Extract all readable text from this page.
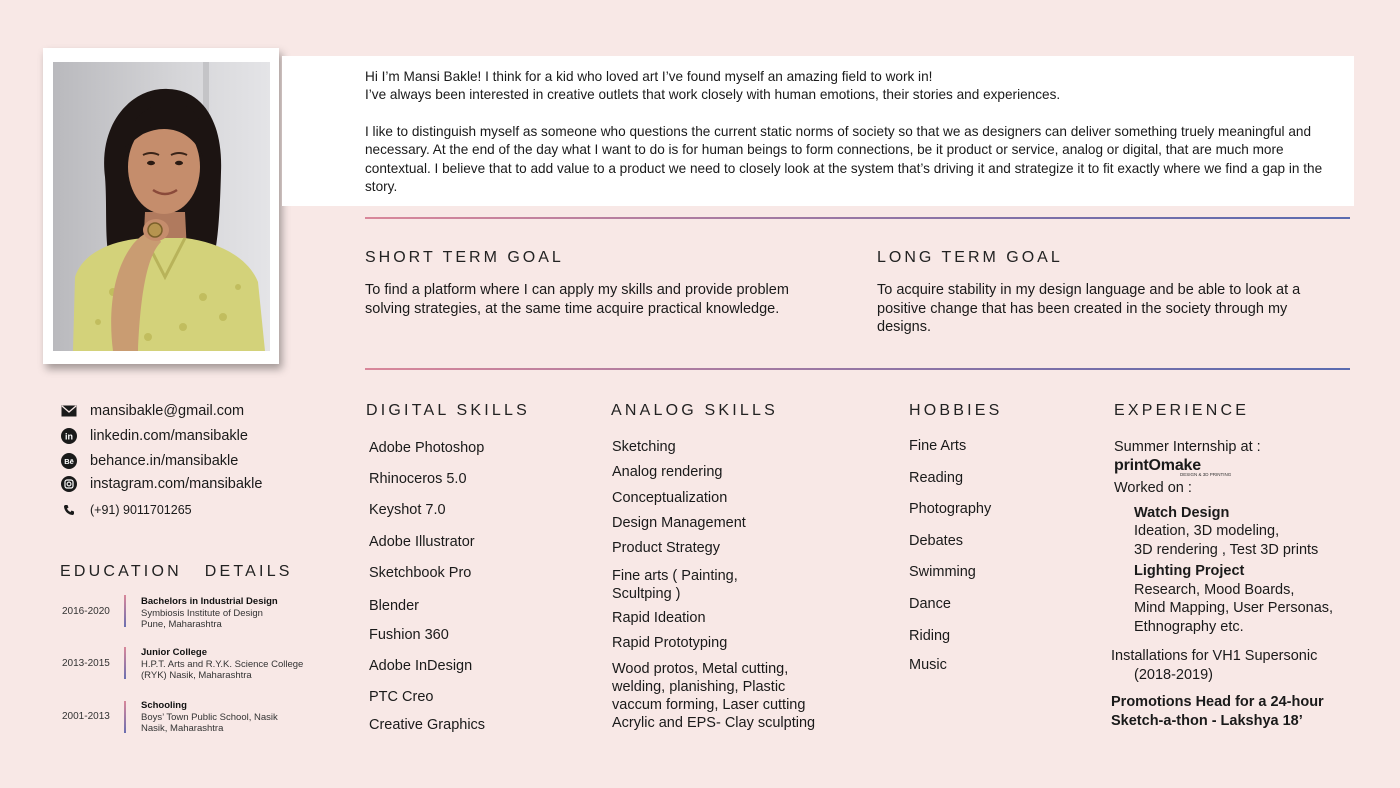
Hi I’m Mansi Bakle! I think for a kid who loved art I’ve found myself an amazing field to work in!

I’ve always been interested in creative outlets that work closely with human emotions, their stories and experiences.

I like to distinguish myself as someone who questions the current static norms of society so that we as designers can deliver something truely meaningful and necessary. At the end of the day what I want to do is for human beings to form connections, be it product or service, analog or digital, that are much more contextual. I believe that to add value to a product we need to closely look at the system that’s driving it and strategize it to fit exactly where we find a gap in the story.

SHORT TERM GOAL
To find a platform where I can apply my skills and provide problem solving strategies, at the same time acquire practical knowledge.
LONG TERM GOAL
To acquire stability in my design language and be able to look at a positive change that has been created in the society through my designs.
mansibakle@gmail.com
in linkedin.com/mansibakle
Bē behance.in/mansibakle
instagram.com/mansibakle
(+91) 9011701265
EDUCATION   DETAILS
2016-2020
Bachelors in Industrial Design
Symbiosis Institute of Design
Pune, Maharashtra
2013-2015
Junior College
H.P.T. Arts and R.Y.K. Science College
(RYK) Nasik, Maharashtra
2001-2013
Schooling
Boys’ Town Public School, Nasik
Nasik, Maharashtra
DIGITAL SKILLS
Adobe Photoshop
Rhinoceros 5.0
Keyshot 7.0
Adobe Illustrator
Sketchbook Pro
Blender
Fushion 360
Adobe InDesign
PTC Creo
Creative Graphics
ANALOG SKILLS
Sketching
Analog rendering
Conceptualization
Design Management
Product Strategy
Fine arts ( Painting, Scultping )
Rapid Ideation
Rapid Prototyping
Wood protos, Metal cutting, welding, planishing, Plastic vaccum forming, Laser cutting Acrylic and EPS- Clay sculpting
HOBBIES
Fine Arts
Reading
Photography
Debates
Swimming
Dance
Riding
Music
EXPERIENCE
Summer Internship at :
printOmake
DESIGN & 3D PRINTING
Worked on :
Watch Design
Ideation, 3D modeling,
3D rendering , Test 3D prints
Lighting Project
Research, Mood Boards,
Mind Mapping, User Personas,
Ethnography etc.
Installations for VH1 Supersonic
(2018-2019)
Promotions Head for a 24-hour
Sketch-a-thon - Lakshya 18’
